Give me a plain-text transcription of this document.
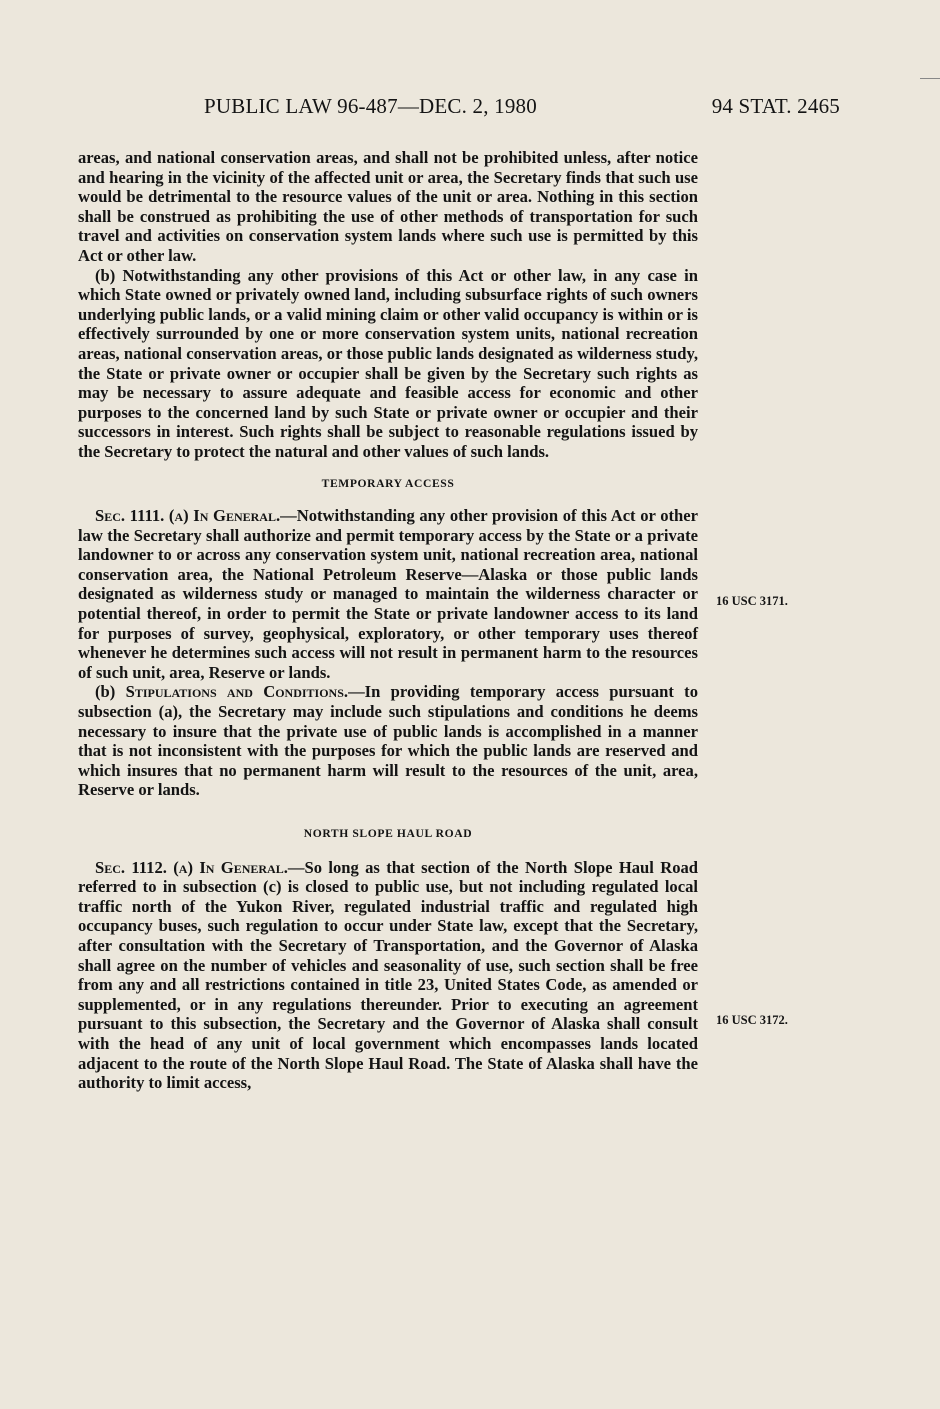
PUBLIC LAW 96-487—DEC. 2, 1980	94 STAT. 2465

areas, and national conservation areas, and shall not be prohibited unless, after notice and hearing in the vicinity of the affected unit or area, the Secretary finds that such use would be detrimental to the resource values of the unit or area. Nothing in this section shall be construed as prohibiting the use of other methods of transportation for such travel and activities on conservation system lands where such use is permitted by this Act or other law.

(b) Notwithstanding any other provisions of this Act or other law, in any case in which State owned or privately owned land, including subsurface rights of such owners underlying public lands, or a valid mining claim or other valid occupancy is within or is effectively surrounded by one or more conservation system units, national recreation areas, national conservation areas, or those public lands designated as wilderness study, the State or private owner or occupier shall be given by the Secretary such rights as may be necessary to assure adequate and feasible access for economic and other purposes to the concerned land by such State or private owner or occupier and their successors in interest. Such rights shall be subject to reasonable regulations issued by the Secretary to protect the natural and other values of such lands.

TEMPORARY ACCESS

Sec. 1111. (a) In General.—Notwithstanding any other provision of this Act or other law the Secretary shall authorize and permit temporary access by the State or a private landowner to or across any conservation system unit, national recreation area, national conservation area, the National Petroleum Reserve—Alaska or those public lands designated as wilderness study or managed to maintain the wilderness character or potential thereof, in order to permit the State or private landowner access to its land for purposes of survey, geophysical, exploratory, or other temporary uses thereof whenever he determines such access will not result in permanent harm to the resources of such unit, area, Reserve or lands.

(b) Stipulations and Conditions.—In providing temporary access pursuant to subsection (a), the Secretary may include such stipulations and conditions he deems necessary to insure that the private use of public lands is accomplished in a manner that is not inconsistent with the purposes for which the public lands are reserved and which insures that no permanent harm will result to the resources of the unit, area, Reserve or lands.

NORTH SLOPE HAUL ROAD

Sec. 1112. (a) In General.—So long as that section of the North Slope Haul Road referred to in subsection (c) is closed to public use, but not including regulated local traffic north of the Yukon River, regulated industrial traffic and regulated high occupancy buses, such regulation to occur under State law, except that the Secretary, after consultation with the Secretary of Transportation, and the Governor of Alaska shall agree on the number of vehicles and seasonality of use, such section shall be free from any and all restrictions contained in title 23, United States Code, as amended or supplemented, or in any regulations thereunder. Prior to executing an agreement pursuant to this subsection, the Secretary and the Governor of Alaska shall consult with the head of any unit of local government which encompasses lands located adjacent to the route of the North Slope Haul Road. The State of Alaska shall have the authority to limit access,

16 USC 3171.
16 USC 3172.
